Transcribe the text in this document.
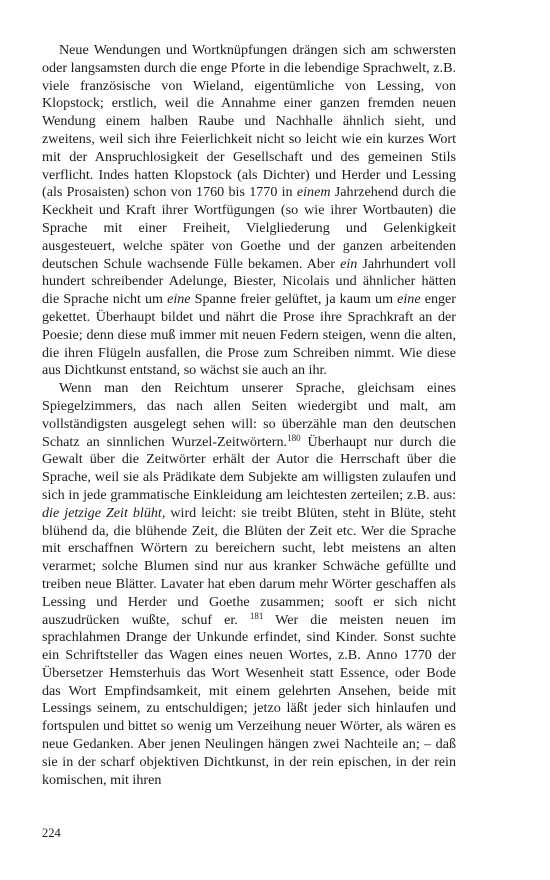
Neue Wendungen und Wortknüpfungen drängen sich am schwersten oder langsamsten durch die enge Pforte in die lebendige Sprachwelt, z.B. viele französische von Wieland, eigentümliche von Lessing, von Klopstock; erstlich, weil die Annahme einer ganzen fremden neuen Wendung einem halben Raube und Nachhalle ähnlich sieht, und zweitens, weil sich ihre Feierlichkeit nicht so leicht wie ein kurzes Wort mit der Anspruchlosigkeit der Gesellschaft und des gemeinen Stils verflicht. Indes hatten Klopstock (als Dichter) und Herder und Lessing (als Prosaisten) schon von 1760 bis 1770 in einem Jahrzehend durch die Keckheit und Kraft ihrer Wortfügungen (so wie ihrer Wortbauten) die Sprache mit einer Freiheit, Vielgliederung und Gelenkigkeit ausgesteuert, welche später von Goethe und der ganzen arbeitenden deutschen Schule wachsende Fülle bekamen. Aber ein Jahrhundert voll hundert schreibender Adelunge, Biester, Nicolais und ähnlicher hätten die Sprache nicht um eine Spanne freier gelüftet, ja kaum um eine enger gekettet. Überhaupt bildet und nährt die Prose ihre Sprachkraft an der Poesie; denn diese muß immer mit neuen Federn steigen, wenn die alten, die ihren Flügeln ausfallen, die Prose zum Schreiben nimmt. Wie diese aus Dichtkunst entstand, so wächst sie auch an ihr.

Wenn man den Reichtum unserer Sprache, gleichsam eines Spiegelzimmers, das nach allen Seiten wiedergibt und malt, am vollständigsten ausgelegt sehen will: so überzähle man den deutschen Schatz an sinnlichen Wurzel-Zeitwörtern.$^{180}$ Überhaupt nur durch die Gewalt über die Zeitwörter erhält der Autor die Herrschaft über die Sprache, weil sie als Prädikate dem Subjekte am willigsten zulaufen und sich in jede grammatische Einkleidung am leichtesten zerteilen; z.B. aus: die jetzige Zeit blüht, wird leicht: sie treibt Blüten, steht in Blüte, steht blühend da, die blühende Zeit, die Blüten der Zeit etc. Wer die Sprache mit erschaffnen Wörtern zu bereichern sucht, lebt meistens an alten verarmet; solche Blumen sind nur aus kranker Schwäche gefüllte und treiben neue Blätter. Lavater hat eben darum mehr Wörter geschaffen als Lessing und Herder und Goethe zusammen; sooft er sich nicht auszudrücken wußte, schuf er. $^{181}$ Wer die meisten neuen im sprachlahmen Drange der Unkunde erfindet, sind Kinder. Sonst suchte ein Schriftsteller das Wagen eines neuen Wortes, z.B. Anno 1770 der Übersetzer Hemsterhuis das Wort Wesenheit statt Essence, oder Bode das Wort Empfindsamkeit, mit einem gelehrten Ansehen, beide mit Lessings seinem, zu entschuldigen; jetzo läßt jeder sich hinlaufen und fortspulen und bittet so wenig um Verzeihung neuer Wörter, als wären es neue Gedanken. Aber jenen Neulingen hängen zwei Nachteile an; – daß sie in der scharf objektiven Dichtkunst, in der rein epischen, in der rein komischen, mit ihren

224
